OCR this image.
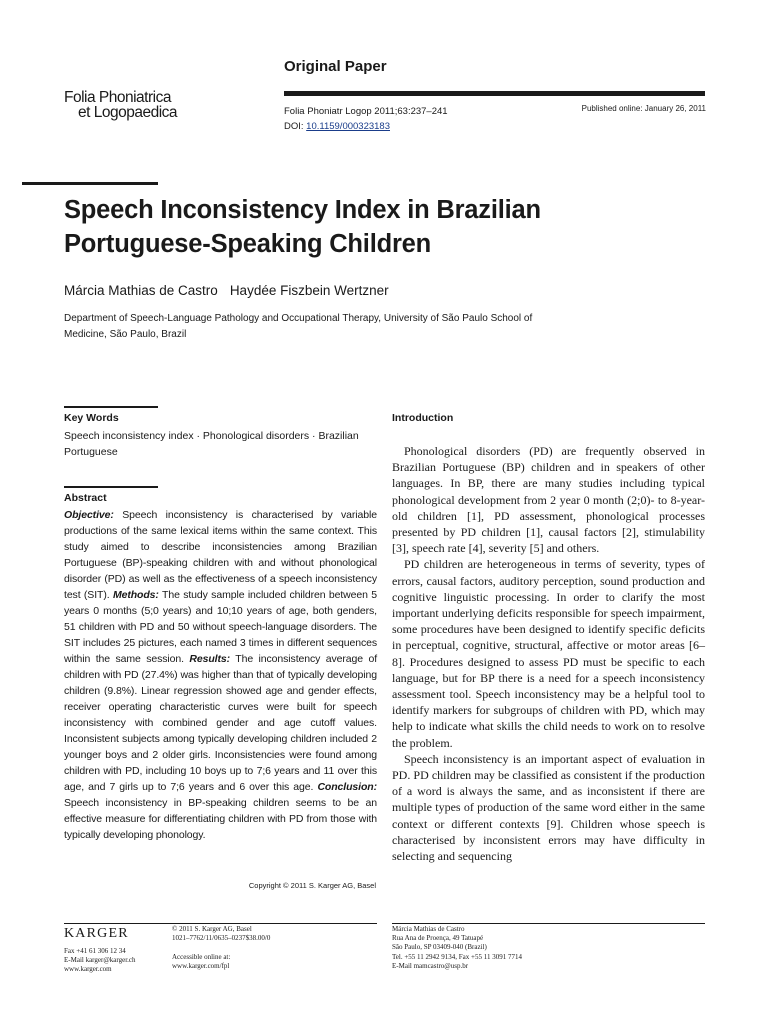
Original Paper
Folia Phoniatrica
et Logopaedica	Folia Phoniatr Logop 2011;63:237–241
DOI: 10.1159/000323183
Published online: January 26, 2011
Speech Inconsistency Index in Brazilian Portuguese-Speaking Children
Márcia Mathias de Castro Haydée Fiszbein Wertzner
Department of Speech-Language Pathology and Occupational Therapy, University of São Paulo School of Medicine, São Paulo, Brazil
Key Words
Speech inconsistency index · Phonological disorders · Brazilian Portuguese
Abstract
Objective: Speech inconsistency is characterised by variable productions of the same lexical items within the same context. This study aimed to describe inconsistencies among Brazilian Portuguese (BP)-speaking children with and without phonological disorder (PD) as well as the effectiveness of a speech inconsistency test (SIT). Methods: The study sample included children between 5 years 0 months (5;0 years) and 10;10 years of age, both genders, 51 children with PD and 50 without speech-language disorders. The SIT includes 25 pictures, each named 3 times in different sequences within the same session. Results: The inconsistency average of children with PD (27.4%) was higher than that of typically developing children (9.8%). Linear regression showed age and gender effects, receiver operating characteristic curves were built for speech inconsistency with combined gender and age cutoff values. Inconsistent subjects among typically developing children included 2 younger boys and 2 older girls. Inconsistencies were found among children with PD, including 10 boys up to 7;6 years and 11 over this age, and 7 girls up to 7;6 years and 6 over this age. Conclusion: Speech inconsistency in BP-speaking children seems to be an effective measure for differentiating children with PD from those with typically developing phonology.
Copyright © 2011 S. Karger AG, Basel
Introduction

Phonological disorders (PD) are frequently observed in Brazilian Portuguese (BP) children and in speakers of other languages. In BP, there are many studies including typical phonological development from 2 year 0 month (2;0)- to 8-year-old children [1], PD assessment, phonological processes presented by PD children [1], causal factors [2], stimulability [3], speech rate [4], severity [5] and others.

PD children are heterogeneous in terms of severity, types of errors, causal factors, auditory perception, sound production and cognitive linguistic processing. In order to clarify the most important underlying deficits responsible for speech impairment, some procedures have been designed to identify specific deficits in perceptual, cognitive, structural, affective or motor areas [6–8]. Procedures designed to assess PD must be specific to each language, but for BP there is a need for a speech inconsistency assessment tool. Speech inconsistency may be a helpful tool to identify markers for subgroups of children with PD, which may help to indicate what skills the child needs to work on to resolve the problem.

Speech inconsistency is an important aspect of evaluation in PD. PD children may be classified as consistent if the production of a word is always the same, and as inconsistent if there are multiple types of production of the same word either in the same context or different contexts [9]. Children whose speech is characterised by inconsistent errors may have difficulty in selecting and sequencing

KARGER
Fax +41 61 306 12 34
E-Mail karger@karger.ch
www.karger.com
© 2011 S. Karger AG, Basel
1021–7762/11/0635–0237$38.00/0

Accessible online at:
www.karger.com/fpl
Márcia Mathias de Castro
Rua Ana de Proença, 49 Tatuapé
São Paulo, SP 03409-040 (Brazil)
Tel. +55 11 2942 9134, Fax +55 11 3091 7714
E-Mail mamcastro@usp.br
